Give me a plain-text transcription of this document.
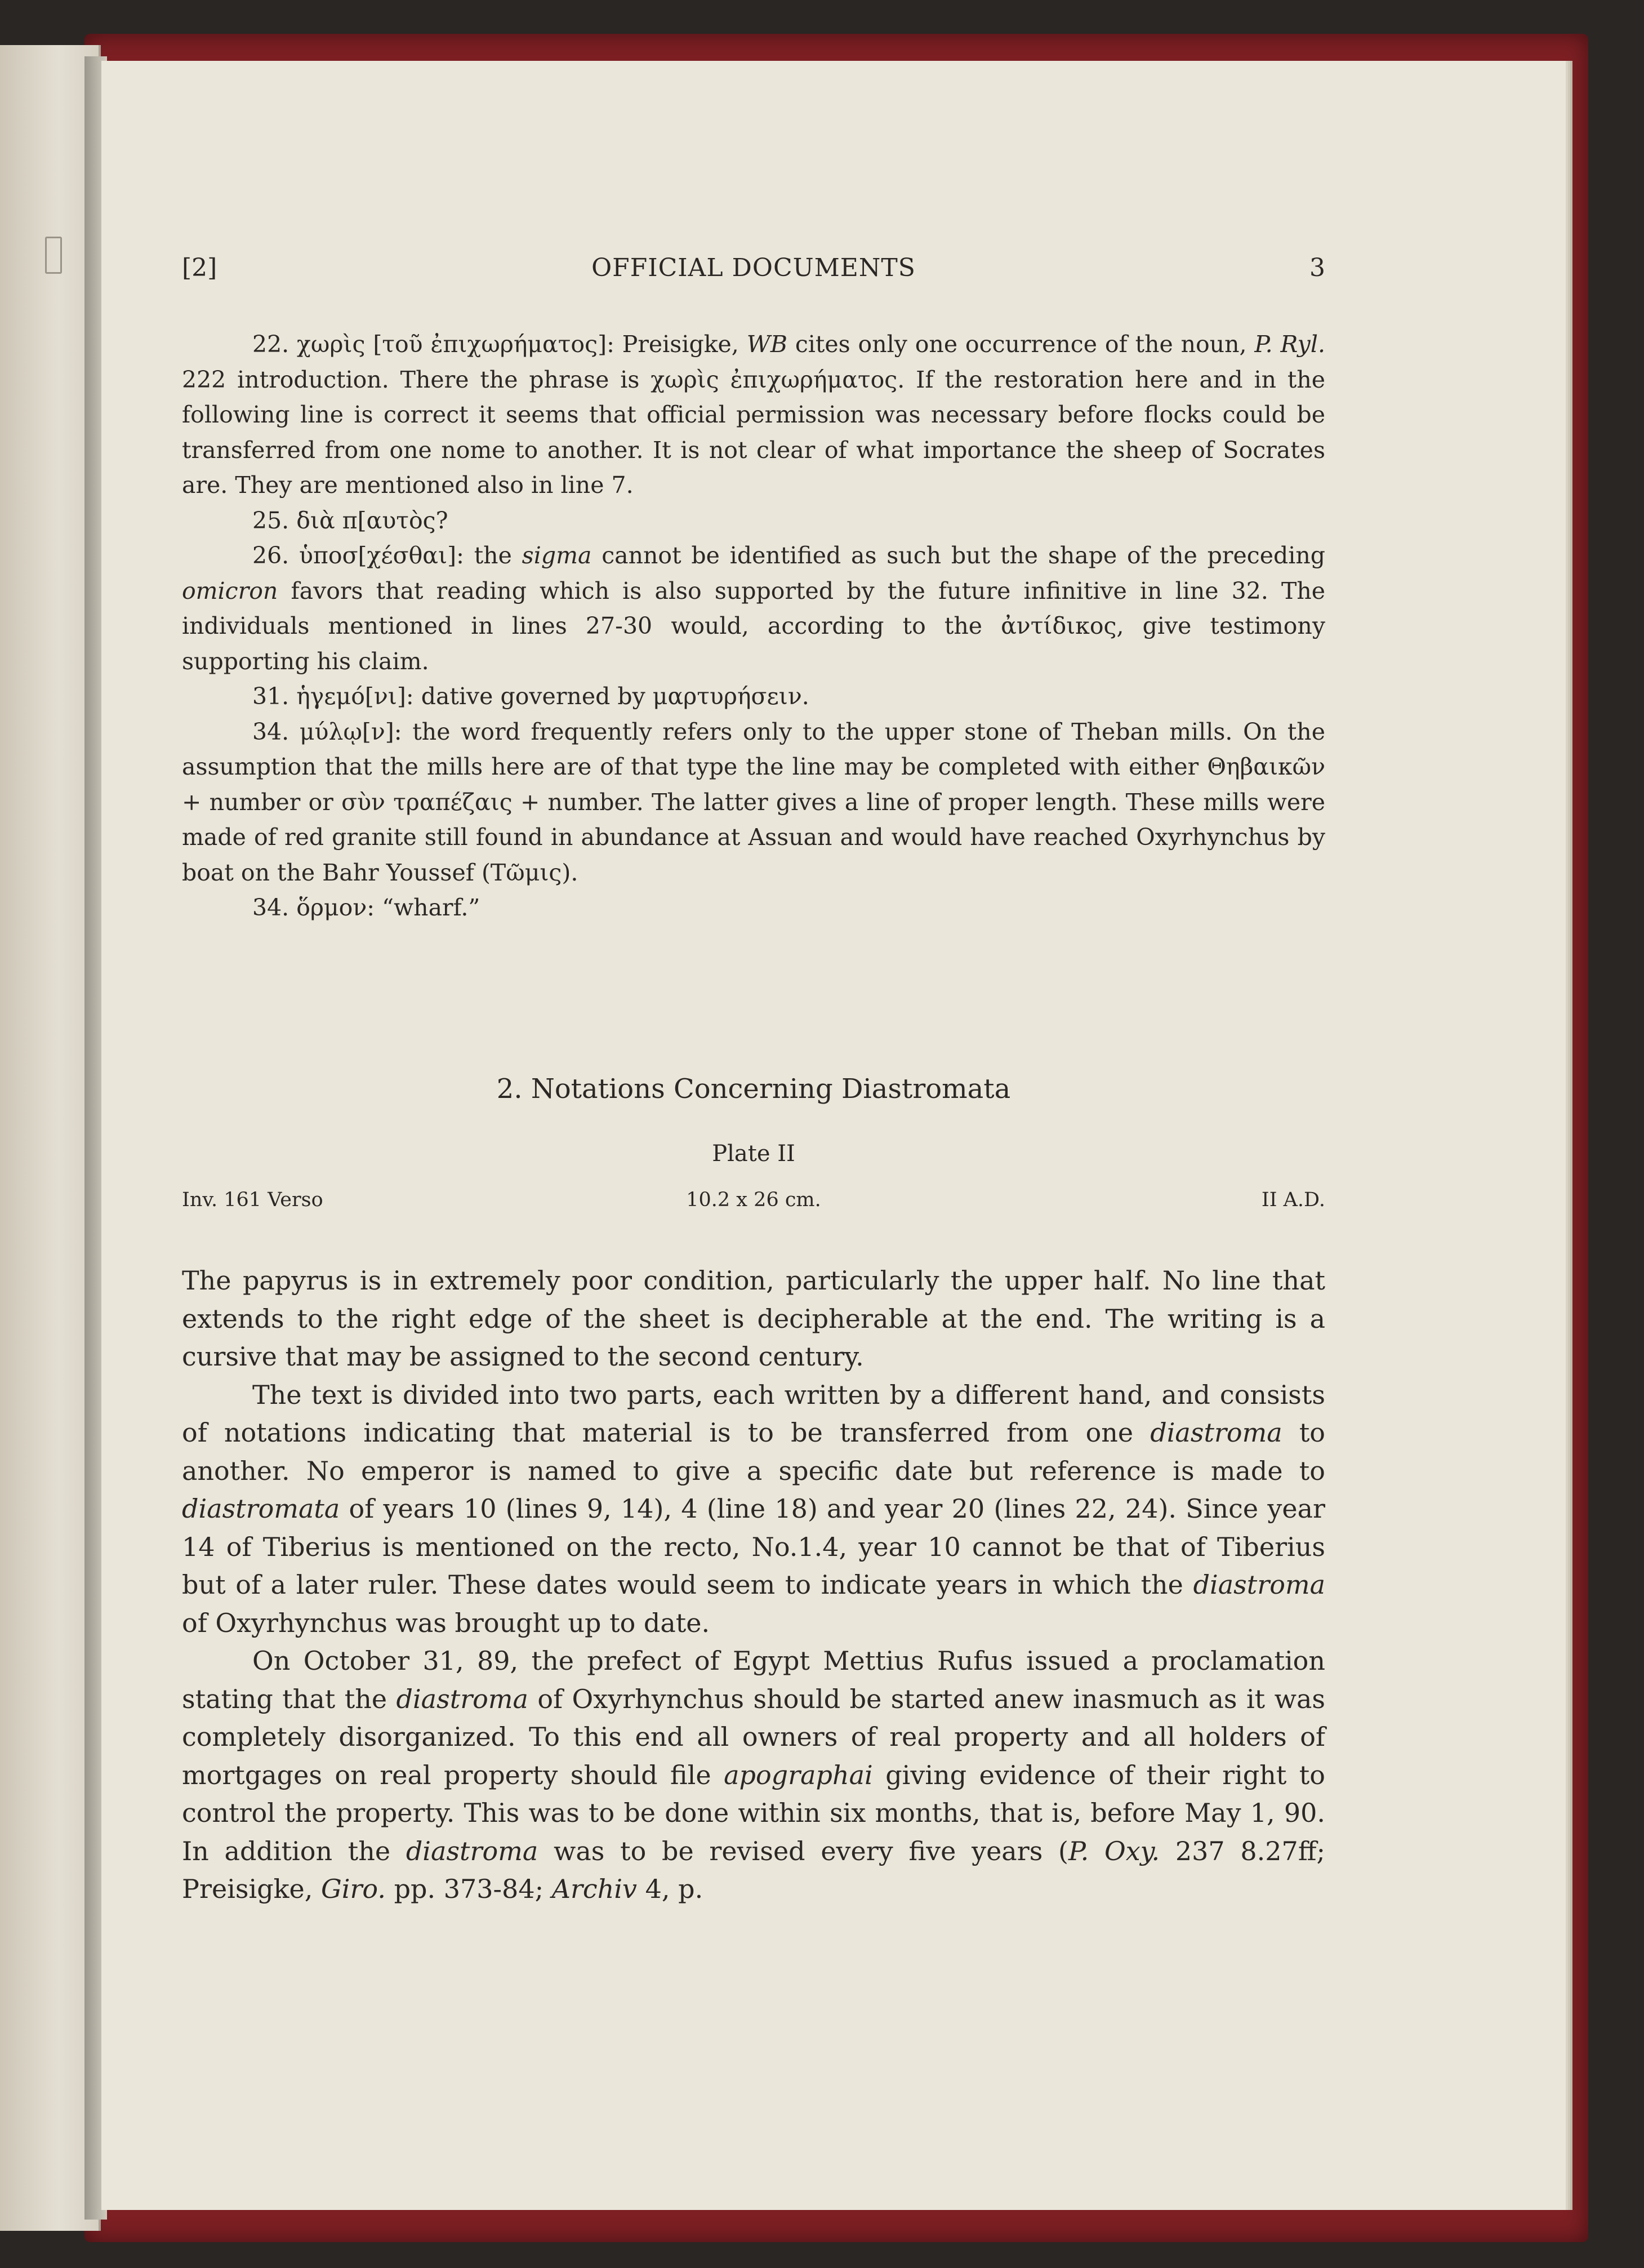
[2]	OFFICIAL DOCUMENTS	3

22. χωρὶς [τοῦ ἐπιχωρήματος]: Preisigke, WB cites only one occurrence of the noun, P. Ryl. 222 introduction. There the phrase is χωρὶς ἐπιχωρήματος. If the restoration here and in the following line is correct it seems that official permission was necessary before flocks could be transferred from one nome to another. It is not clear of what importance the sheep of Socrates are. They are mentioned also in line 7.

25. διὰ π[αυτὸς?

26. ὑποσ[χέσθαι]: the sigma cannot be identified as such but the shape of the preceding omicron favors that reading which is also supported by the future infinitive in line 32. The individuals mentioned in lines 27-30 would, according to the ἀντίδικος, give testimony supporting his claim.

31. ἡγεμό[νι]: dative governed by μαρτυρήσειν.

34. μύλῳ[ν]: the word frequently refers only to the upper stone of Theban mills. On the assumption that the mills here are of that type the line may be completed with either Θηβαικῶν + number or σὺν τραπέζαις + number. The latter gives a line of proper length. These mills were made of red granite still found in abundance at Assuan and would have reached Oxyrhynchus by boat on the Bahr Youssef (Τῶμις).

34. ὅρμον: “wharf.”

2. Notations Concerning Diastromata
Plate II
Inv. 161 Verso	10.2 x 26 cm.	II A.D.

The papyrus is in extremely poor condition, particularly the upper half. No line that extends to the right edge of the sheet is decipherable at the end. The writing is a cursive that may be assigned to the second century.

The text is divided into two parts, each written by a different hand, and consists of notations indicating that material is to be transferred from one diastroma to another. No emperor is named to give a specific date but reference is made to diastromata of years 10 (lines 9, 14), 4 (line 18) and year 20 (lines 22, 24). Since year 14 of Tiberius is mentioned on the recto, No.1.4, year 10 cannot be that of Tiberius but of a later ruler. These dates would seem to indicate years in which the diastroma of Oxyrhynchus was brought up to date.

On October 31, 89, the prefect of Egypt Mettius Rufus issued a proclamation stating that the diastroma of Oxyrhynchus should be started anew inasmuch as it was completely disorganized. To this end all owners of real property and all holders of mortgages on real property should file apographai giving evidence of their right to control the property. This was to be done within six months, that is, before May 1, 90. In addition the diastroma was to be revised every five years (P. Oxy. 237 8.27ff; Preisigke, Giro. pp. 373-84; Archiv 4, p.
